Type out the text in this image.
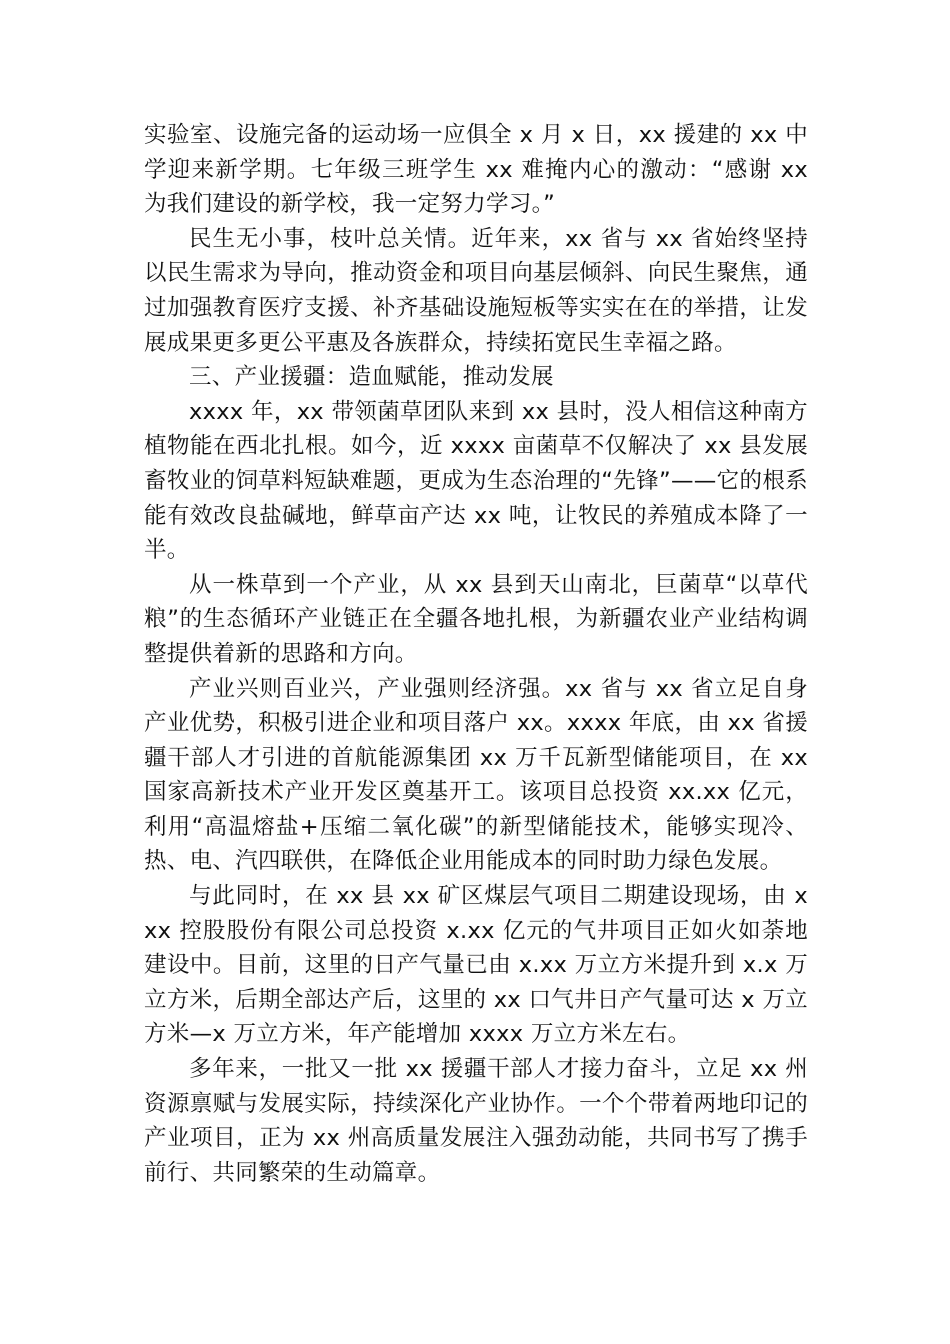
实验室、设施完备的运动场一应俱全 x 月 x 日，xx 援建的 xx 中学迎来新学期。七年级三班学生 xx 难掩内心的激动：“感谢 xx 为我们建设的新学校，我一定努力学习。”

民生无小事，枝叶总关情。近年来，xx 省与 xx 省始终坚持以民生需求为导向，推动资金和项目向基层倾斜、向民生聚焦，通过加强教育医疗支援、补齐基础设施短板等实实在在的举措，让发展成果更多更公平惠及各族群众，持续拓宽民生幸福之路。

三、产业援疆：造血赋能，推动发展

xxxx 年，xx 带领菌草团队来到 xx 县时，没人相信这种南方植物能在西北扎根。如今，近 xxxx 亩菌草不仅解决了 xx 县发展畜牧业的饲草料短缺难题，更成为生态治理的“先锋”——它的根系能有效改良盐碱地，鲜草亩产达 xx 吨，让牧民的养殖成本降了一半。

从一株草到一个产业，从 xx 县到天山南北，巨菌草“以草代粮”的生态循环产业链正在全疆各地扎根，为新疆农业产业结构调整提供着新的思路和方向。

产业兴则百业兴，产业强则经济强。xx 省与 xx 省立足自身产业优势，积极引进企业和项目落户 xx。xxxx 年底，由 xx 省援疆干部人才引进的首航能源集团 xx 万千瓦新型储能项目，在 xx 国家高新技术产业开发区奠基开工。该项目总投资 xx.xx 亿元，利用“高温熔盐+压缩二氧化碳”的新型储能技术，能够实现冷、热、电、汽四联供，在降低企业用能成本的同时助力绿色发展。

与此同时，在 xx 县 xx 矿区煤层气项目二期建设现场，由 xxx 控股股份有限公司总投资 x.xx 亿元的气井项目正如火如荼地建设中。目前，这里的日产气量已由 x.xx 万立方米提升到 x.x 万立方米，后期全部达产后，这里的 xx 口气井日产气量可达 x 万立方米—x 万立方米，年产能增加 xxxx 万立方米左右。

多年来，一批又一批 xx 援疆干部人才接力奋斗，立足 xx 州资源禀赋与发展实际，持续深化产业协作。一个个带着两地印记的产业项目，正为 xx 州高质量发展注入强劲动能，共同书写了携手前行、共同繁荣的生动篇章。
